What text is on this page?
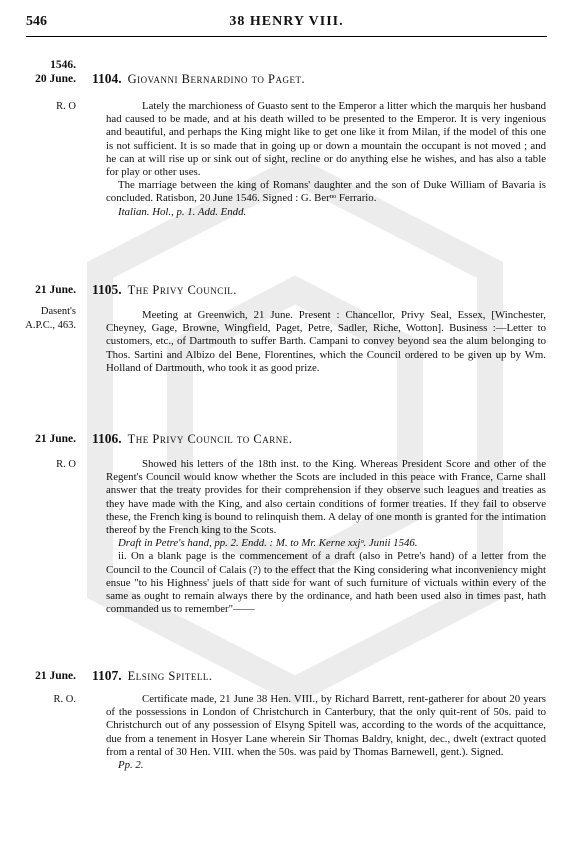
546	38 HENRY VIII.
1546.
20 June. 1104. Giovanni Bernardino to Paget.
R. O	Lately the marchioness of Guasto sent to the Emperor a litter which the marquis her husband had caused to be made, and at his death willed to be presented to the Emperor. It is very ingenious and beautiful, and perhaps the King might like to get one like it from Milan, if the model of this one is not sufficient. It is so made that in going up or down a mountain the occupant is not moved ; and he can at will rise up or sink out of sight, recline or do anything else he wishes, and has also a table for play or other uses.

The marriage between the king of Romans' daughter and the son of Duke William of Bavaria is concluded. Ratisbon, 20 June 1546. Signed : G. Berⁿᵒ Ferrario.

Italian. Hol., p. 1. Add. Endd.

21 June. 1105. The Privy Council.
Dasent's A.P.C., 463.

Meeting at Greenwich, 21 June. Present : Chancellor, Privy Seal, Essex, [Winchester, Cheyney, Gage, Browne, Wingfield, Paget, Petre, Sadler, Riche, Wotton]. Business :—Letter to customers, etc., of Dartmouth to suffer Barth. Campani to convey beyond sea the alum belonging to Thos. Sartini and Albizo del Bene, Florentines, which the Council ordered to be given up by Wm. Holland of Dartmouth, who took it as good prize.

21 June. 1106. The Privy Council to Carne.
R. O	Showed his letters of the 18th inst. to the King. Whereas President Score and other of the Regent's Council would know whether the Scots are included in this peace with France, Carne shall answer that the treaty provides for their comprehension if they observe such leagues and treaties as they have made with the King, and also certain conditions of former treaties. If they fail to observe these, the French king is bound to relinquish them. A delay of one month is granted for the intimation thereof by the French king to the Scots.

Draft in Petre's hand, pp. 2. Endd. : M. to Mr. Kerne xxjᵒ. Junii 1546.

ii. On a blank page is the commencement of a draft (also in Petre's hand) of a letter from the Council to the Council of Calais (?) to the effect that the King considering what inconveniency might ensue "to his Highness' juels of thatt side for want of such furniture of victuals within every of the same as ought to remain always there by the ordinance, and hath been used also in times past, hath commanded us to remember"——

21 June. 1107. Elsing Spitell.
R. O.	Certificate made, 21 June 38 Hen. VIII., by Richard Barrett, rent-gatherer for about 20 years of the possessions in London of Christchurch in Canterbury, that the only quit-rent of 50s. paid to Christchurch out of any possession of Elsyng Spitell was, according to the words of the acquittance, due from a tenement in Hosyer Lane wherein Sir Thomas Baldry, knight, dec., dwelt (extract quoted from a rental of 30 Hen. VIII. when the 50s. was paid by Thomas Barnewell, gent.). Signed.

Pp. 2.
